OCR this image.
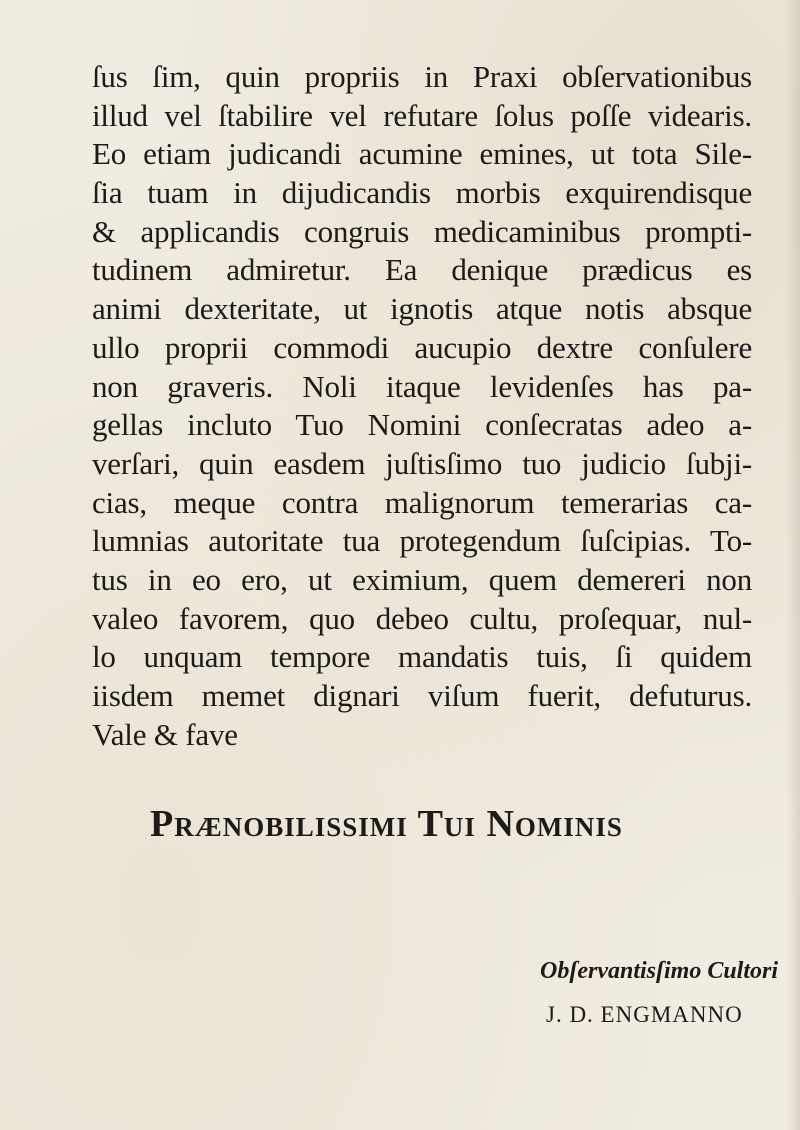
ſus ſim, quin propriis in Praxi obſervationibus
illud vel ſtabilire vel refutare ſolus poſſe videaris.
Eo etiam judicandi acumine emines, ut tota Sile-
ſia tuam in dijudicandis morbis exquirendisque
& applicandis congruis medicaminibus prompti-
tudinem admiretur. Ea denique prædicus es
animi dexteritate, ut ignotis atque notis absque
ullo proprii commodi aucupio dextre conſulere
non graveris. Noli itaque levidenſes has pa-
gellas incluto Tuo Nomini conſecratas adeo a-
verſari, quin easdem juſtisſimo tuo judicio ſubji-
cias, meque contra malignorum temerarias ca-
lumnias autoritate tua protegendum ſuſcipias. To-
tus in eo ero, ut eximium, quem demereri non
valeo favorem, quo debeo cultu, proſequar, nul-
lo unquam tempore mandatis tuis, ſi quidem
iisdem memet dignari viſum fuerit, defuturus.
Vale & fave
Prænobilissimi Tui Nominis

Obſervantisſimo Cultori

J. D. ENGMANNO
